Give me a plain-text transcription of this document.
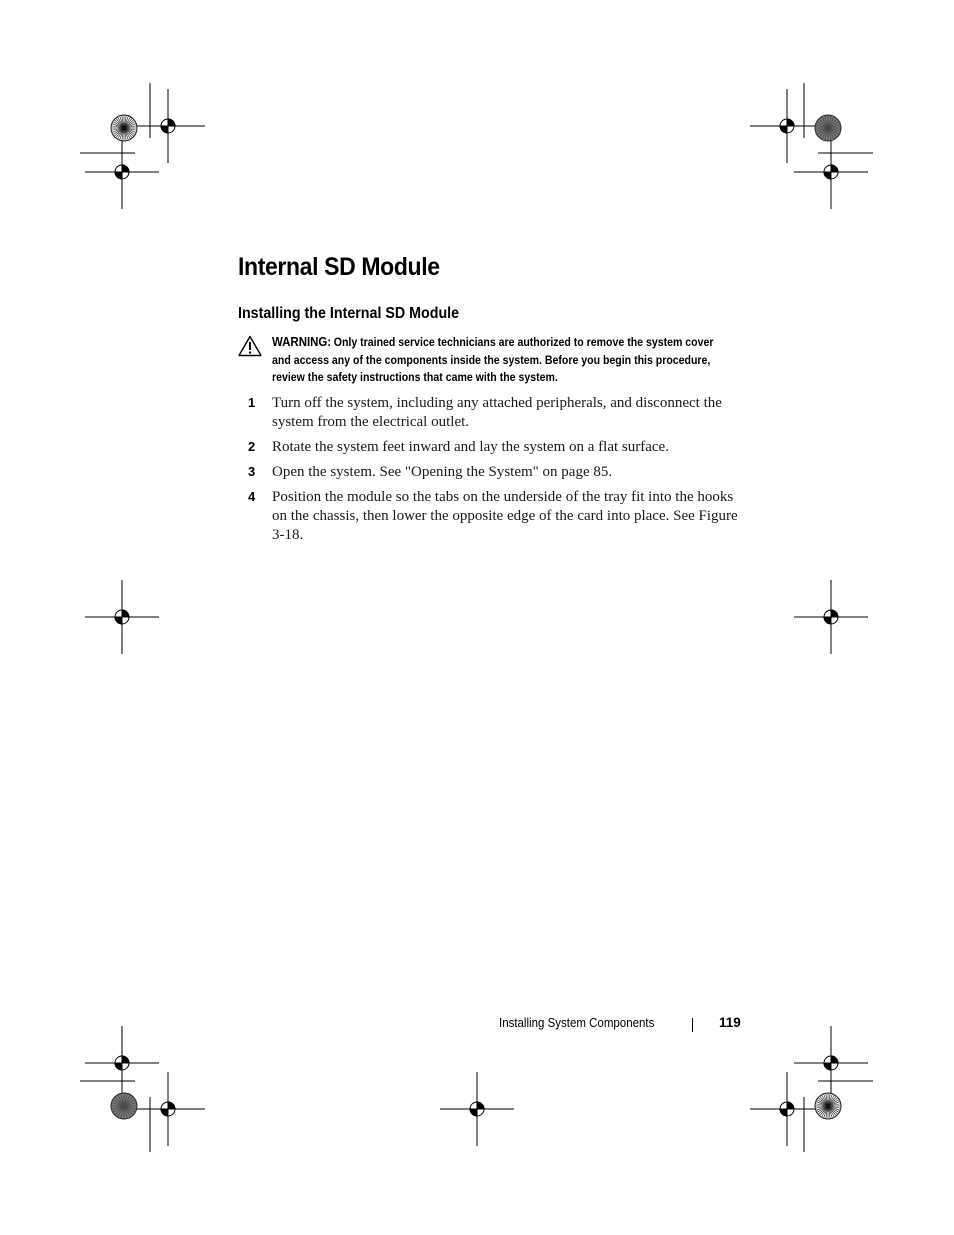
Internal SD Module
Installing the Internal SD Module
WARNING: Only trained service technicians are authorized to remove the system cover and access any of the components inside the system. Before you begin this procedure, review the safety instructions that came with the system.
1 Turn off the system, including any attached peripherals, and disconnect the system from the electrical outlet.
2 Rotate the system feet inward and lay the system on a flat surface.
3 Open the system. See "Opening the System" on page 85.
4 Position the module so the tabs on the underside of the tray fit into the hooks on the chassis, then lower the opposite edge of the card into place. See Figure 3-18.
Installing System Components	119
